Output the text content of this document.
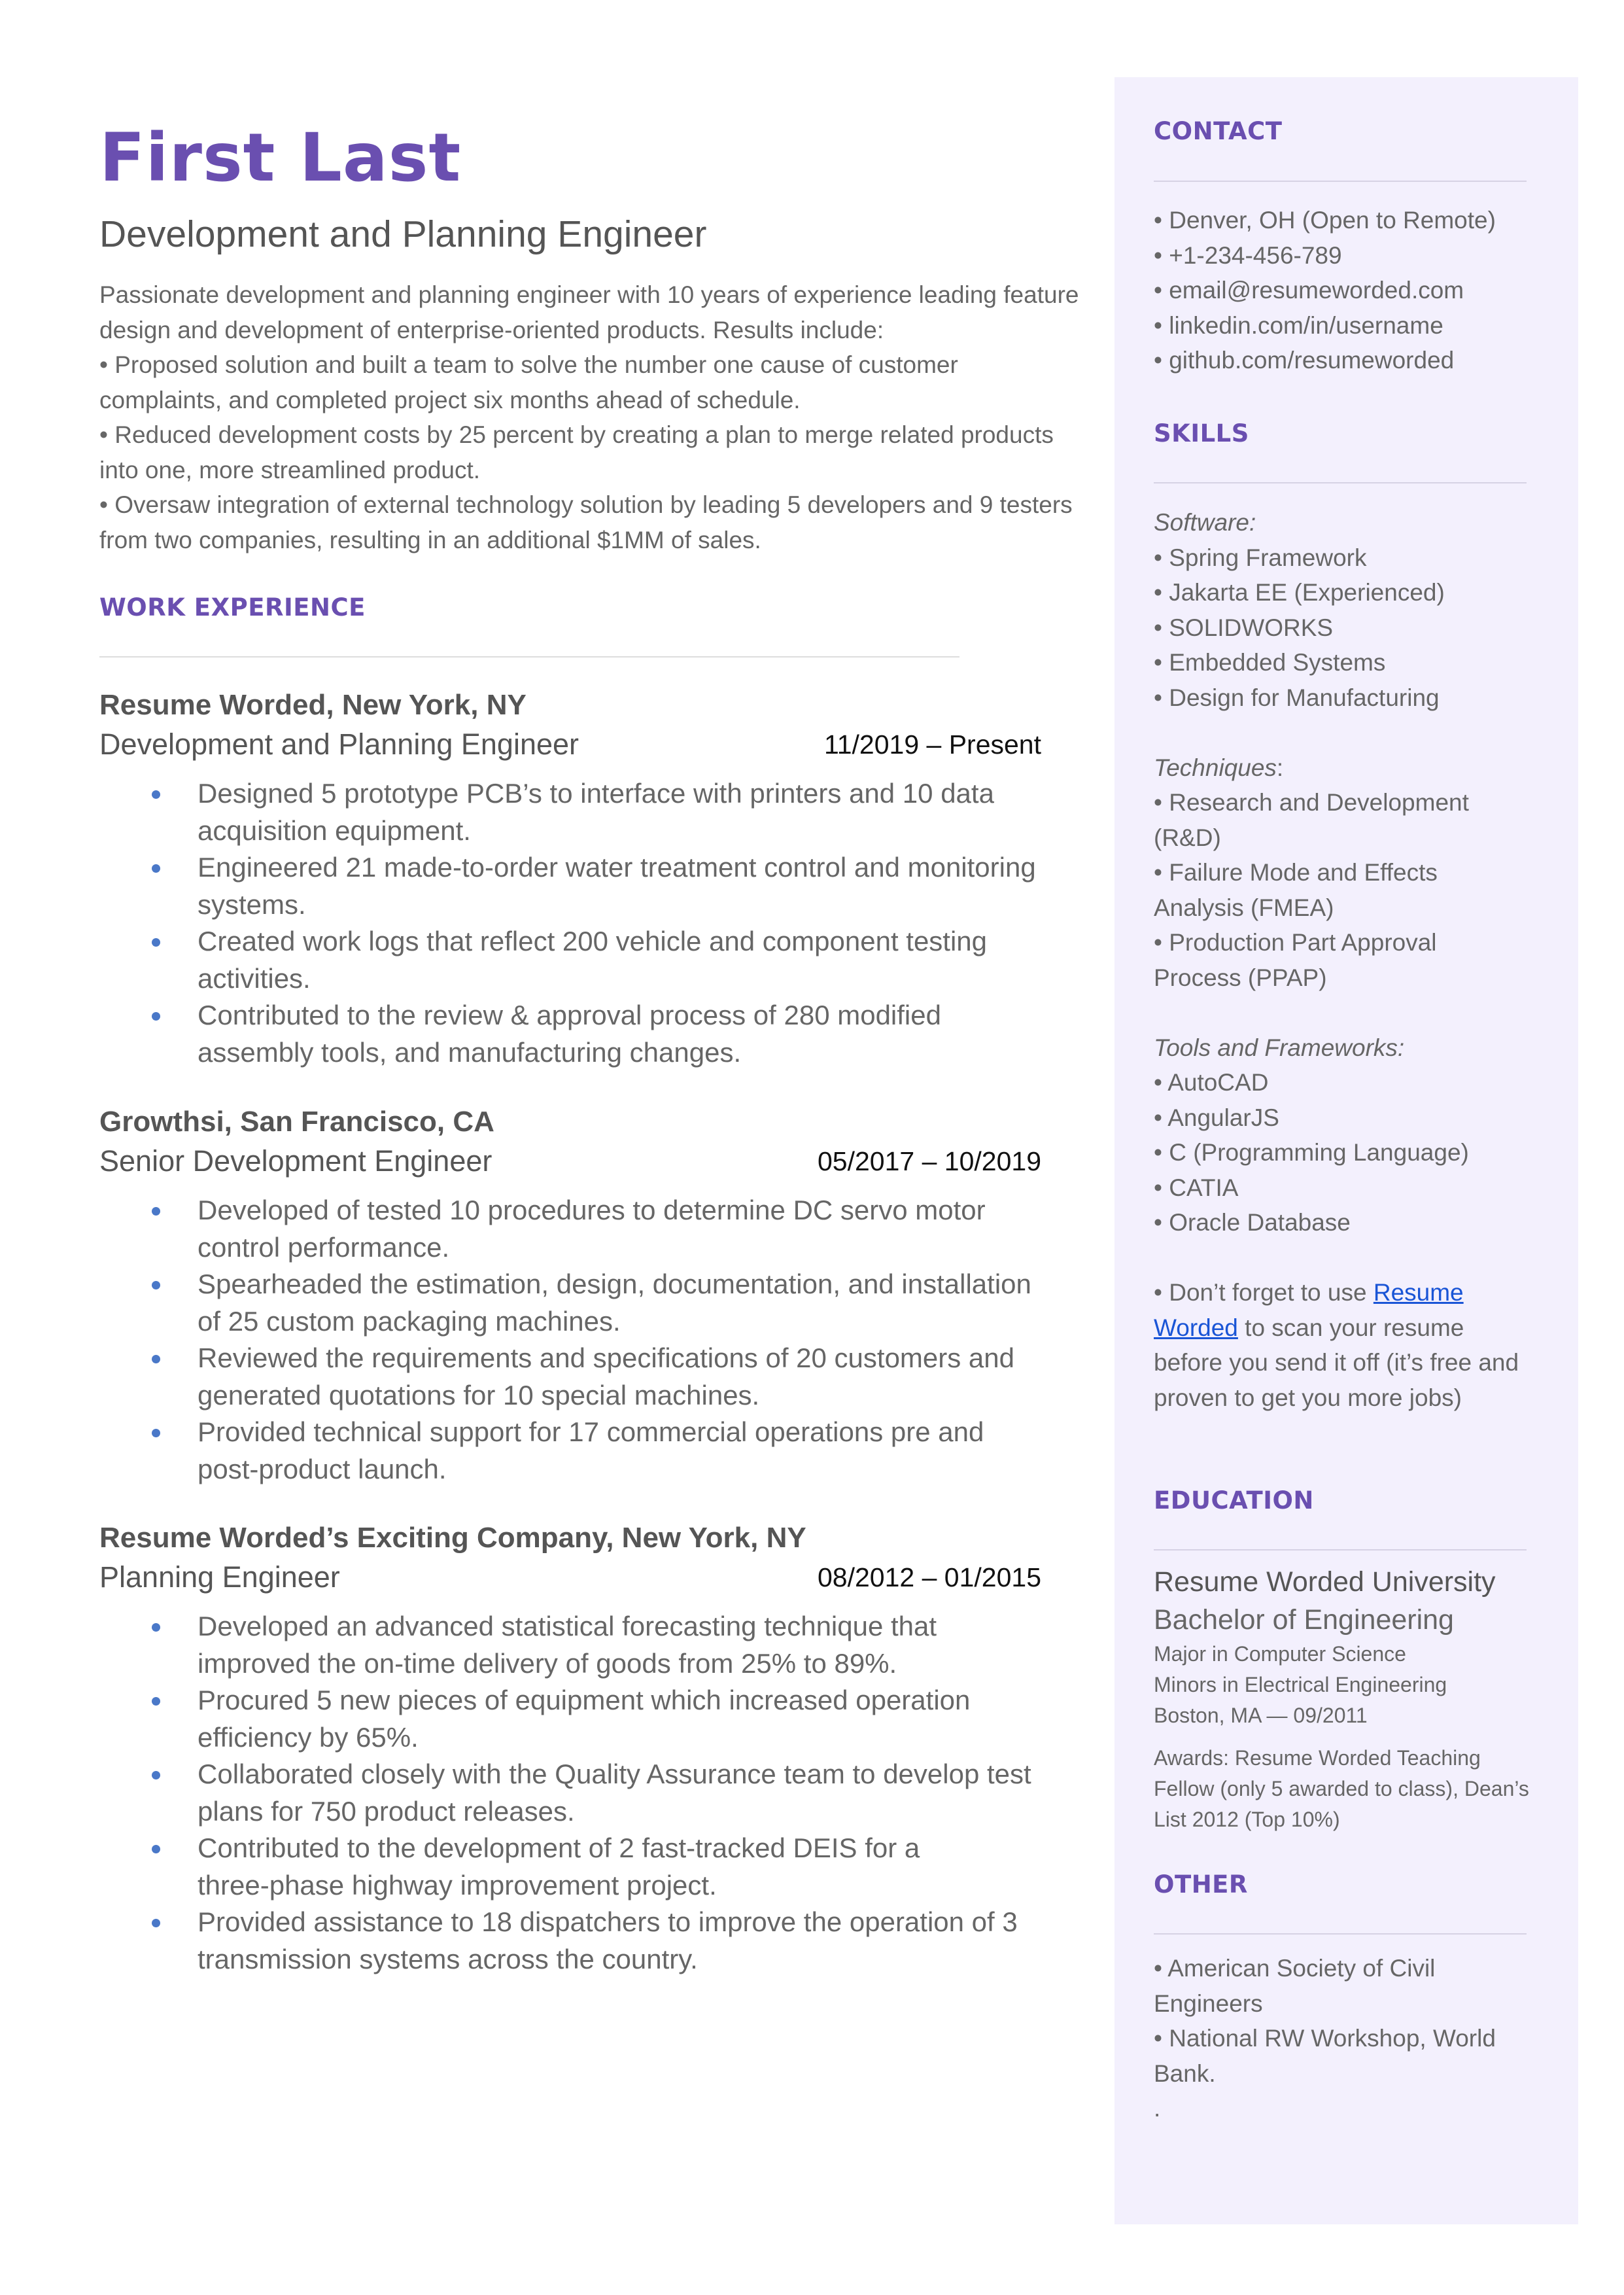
First Last
Development and Planning Engineer
Passionate development and planning engineer with 10 years of experience leading feature
design and development of enterprise-oriented products. Results include:
• Proposed solution and built a team to solve the number one cause of customer
complaints, and completed project six months ahead of schedule.
• Reduced development costs by 25 percent by creating a plan to merge related products
into one, more streamlined product.
• Oversaw integration of external technology solution by leading 5 developers and 9 testers
from two companies, resulting in an additional $1MM of sales.
WORK EXPERIENCE
Resume Worded, New York, NY
Development and Planning Engineer	11/2019 – Present
Designed 5 prototype PCB’s to interface with printers and 10 data
acquisition equipment.
Engineered 21 made-to-order water treatment control and monitoring
systems.
Created work logs that reflect 200 vehicle and component testing
activities.
Contributed to the review & approval process of 280 modified
assembly tools, and manufacturing changes.
Growthsi, San Francisco, CA
Senior Development Engineer	05/2017 – 10/2019
Developed of tested 10 procedures to determine DC servo motor
control performance.
Spearheaded the estimation, design, documentation, and installation
of 25 custom packaging machines.
Reviewed the requirements and specifications of 20 customers and
generated quotations for 10 special machines.
Provided technical support for 17 commercial operations pre and
post-product launch.
Resume Worded’s Exciting Company, New York, NY
Planning Engineer	08/2012 – 01/2015
Developed an advanced statistical forecasting technique that
improved the on-time delivery of goods from 25% to 89%.
Procured 5 new pieces of equipment which increased operation
efficiency by 65%.
Collaborated closely with the Quality Assurance team to develop test
plans for 750 product releases.
Contributed to the development of 2 fast-tracked DEIS for a
three-phase highway improvement project.
Provided assistance to 18 dispatchers to improve the operation of 3
transmission systems across the country.
CONTACT
• Denver, OH (Open to Remote)
• +1-234-456-789
• email@resumeworded.com
• linkedin.com/in/username
• github.com/resumeworded
SKILLS
Software:
• Spring Framework
• Jakarta EE (Experienced)
• SOLIDWORKS
• Embedded Systems
• Design for Manufacturing
Techniques:
• Research and Development
(R&D)
• Failure Mode and Effects
Analysis (FMEA)
• Production Part Approval
Process (PPAP)
Tools and Frameworks:
• AutoCAD
• AngularJS
• C (Programming Language)
• CATIA
• Oracle Database
• Don’t forget to use Resume
Worded to scan your resume
before you send it off (it’s free and
proven to get you more jobs)
EDUCATION
Resume Worded University
Bachelor of Engineering
Major in Computer Science
Minors in Electrical Engineering
Boston, MA — 09/2011
Awards: Resume Worded Teaching
Fellow (only 5 awarded to class), Dean’s
List 2012 (Top 10%)
OTHER
• American Society of Civil
Engineers
• National RW Workshop, World
Bank.
.
